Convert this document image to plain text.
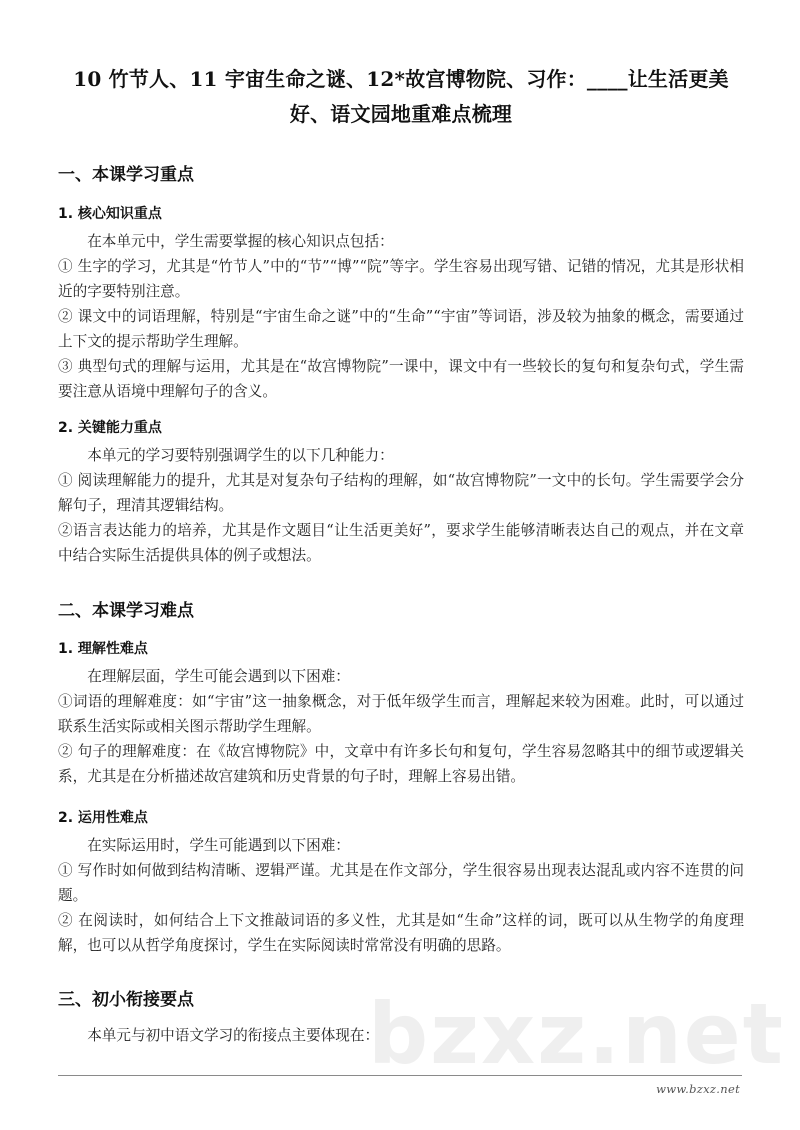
10 竹节人、11 宇宙生命之谜、12*故宫博物院、习作：____让生活更美好、语文园地重难点梳理
一、本课学习重点
1. 核心知识重点

在本单元中，学生需要掌握的核心知识点包括：

① 生字的学习，尤其是“竹节人”中的“节”“博”“院”等字。学生容易出现写错、记错的情况，尤其是形状相近的字要特别注意。

② 课文中的词语理解，特别是“宇宙生命之谜”中的“生命”“宇宙”等词语，涉及较为抽象的概念，需要通过上下文的提示帮助学生理解。

③ 典型句式的理解与运用，尤其是在“故宫博物院”一课中，课文中有一些较长的复句和复杂句式，学生需要注意从语境中理解句子的含义。

2. 关键能力重点

本单元的学习要特别强调学生的以下几种能力：

① 阅读理解能力的提升，尤其是对复杂句子结构的理解，如“故宫博物院”一文中的长句。学生需要学会分解句子，理清其逻辑结构。

②语言表达能力的培养，尤其是作文题目“让生活更美好”，要求学生能够清晰表达自己的观点，并在文章中结合实际生活提供具体的例子或想法。

二、本课学习难点
1. 理解性难点

在理解层面，学生可能会遇到以下困难：

①词语的理解难度：如“宇宙”这一抽象概念，对于低年级学生而言，理解起来较为困难。此时，可以通过联系生活实际或相关图示帮助学生理解。

② 句子的理解难度：在《故宫博物院》中，文章中有许多长句和复句，学生容易忽略其中的细节或逻辑关系，尤其是在分析描述故宫建筑和历史背景的句子时，理解上容易出错。

2. 运用性难点

在实际运用时，学生可能遇到以下困难：

① 写作时如何做到结构清晰、逻辑严谨。尤其是在作文部分，学生很容易出现表达混乱或内容不连贯的问题。

② 在阅读时，如何结合上下文推敲词语的多义性，尤其是如“生命”这样的词，既可以从生物学的角度理解，也可以从哲学角度探讨，学生在实际阅读时常常没有明确的思路。

三、初小衔接要点

本单元与初中语文学习的衔接点主要体现在：

bzxz.net
www.bzxz.net
